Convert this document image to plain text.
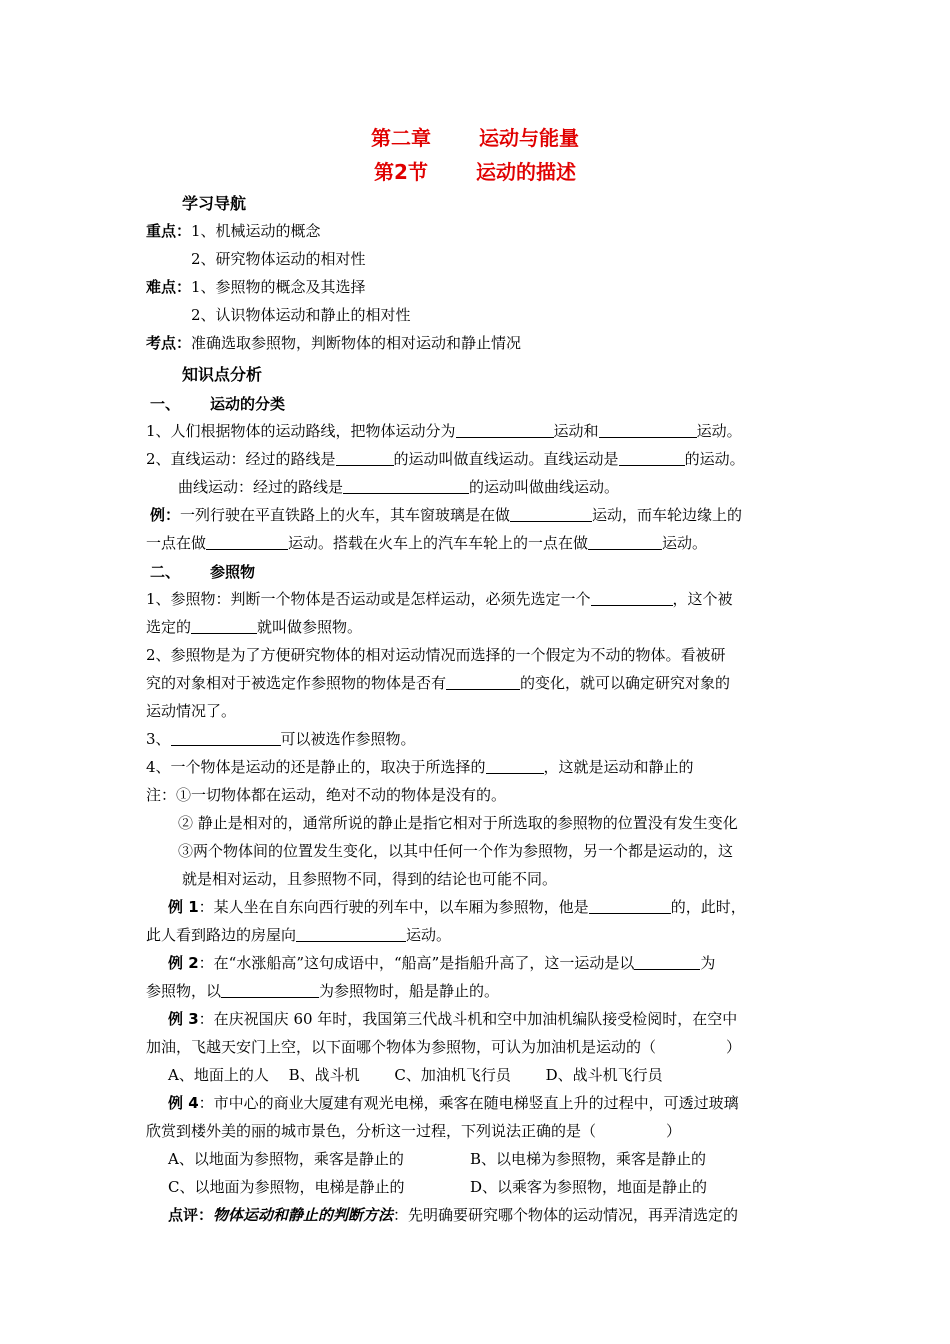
第二章 运动与能量
第2节 运动的描述
学习导航
重点：1、机械运动的概念
2、研究物体运动的相对性
难点：1、参照物的概念及其选择
2、认识物体运动和静止的相对性
考点：准确选取参照物，判断物体的相对运动和静止情况
知识点分析
一、 运动的分类
1、人们根据物体的运动路线，把物体运动分为	运动和	运动。
2、直线运动：经过的路线是	的运动叫做直线运动。直线运动是	的运动。
曲线运动：经过的路线是	的运动叫做曲线运动。
例：一列行驶在平直铁路上的火车，其车窗玻璃是在做	运动，而车轮边缘上的
一点在做	运动。搭载在火车上的汽车车轮上的一点在做	运动。
二、 参照物
1、参照物：判断一个物体是否运动或是怎样运动，必须先选定一个	，这个被
选定的	就叫做参照物。
2、参照物是为了方便研究物体的相对运动情况而选择的一个假定为不动的物体。看被研
究的对象相对于被选定作参照物的物体是否有	的变化，就可以确定研究对象的
运动情况了。
3、	可以被选作参照物。
4、一个物体是运动的还是静止的，取决于所选择的	，这就是运动和静止的
注：①一切物体都在运动，绝对不动的物体是没有的。
② 静止是相对的，通常所说的静止是指它相对于所选取的参照物的位置没有发生变化
③两个物体间的位置发生变化，以其中任何一个作为参照物，另一个都是运动的，这
就是相对运动，且参照物不同，得到的结论也可能不同。
例 1：某人坐在自东向西行驶的列车中，以车厢为参照物，他是	的，此时，
此人看到路边的房屋向	运动。
例 2：在“水涨船高”这句成语中，“船高”是指船升高了，这一运动是以	为
参照物，以	为参照物时，船是静止的。
例 3：在庆祝国庆 60 年时，我国第三代战斗机和空中加油机编队接受检阅时，在空中
加油，飞越天安门上空，以下面哪个物体为参照物，可认为加油机是运动的（	）
A、地面上的人　 B、战斗机　　 C、加油机飞行员　　 D、战斗机飞行员
例 4：市中心的商业大厦建有观光电梯，乘客在随电梯竖直上升的过程中，可透过玻璃
欣赏到楼外美的丽的城市景色，分析这一过程，下列说法正确的是（	）
A、以地面为参照物，乘客是静止的	B、以电梯为参照物，乘客是静止的
C、以地面为参照物，电梯是静止的	D、以乘客为参照物，地面是静止的
点评：物体运动和静止的判断方法：先明确要研究哪个物体的运动情况，再弄清选定的
